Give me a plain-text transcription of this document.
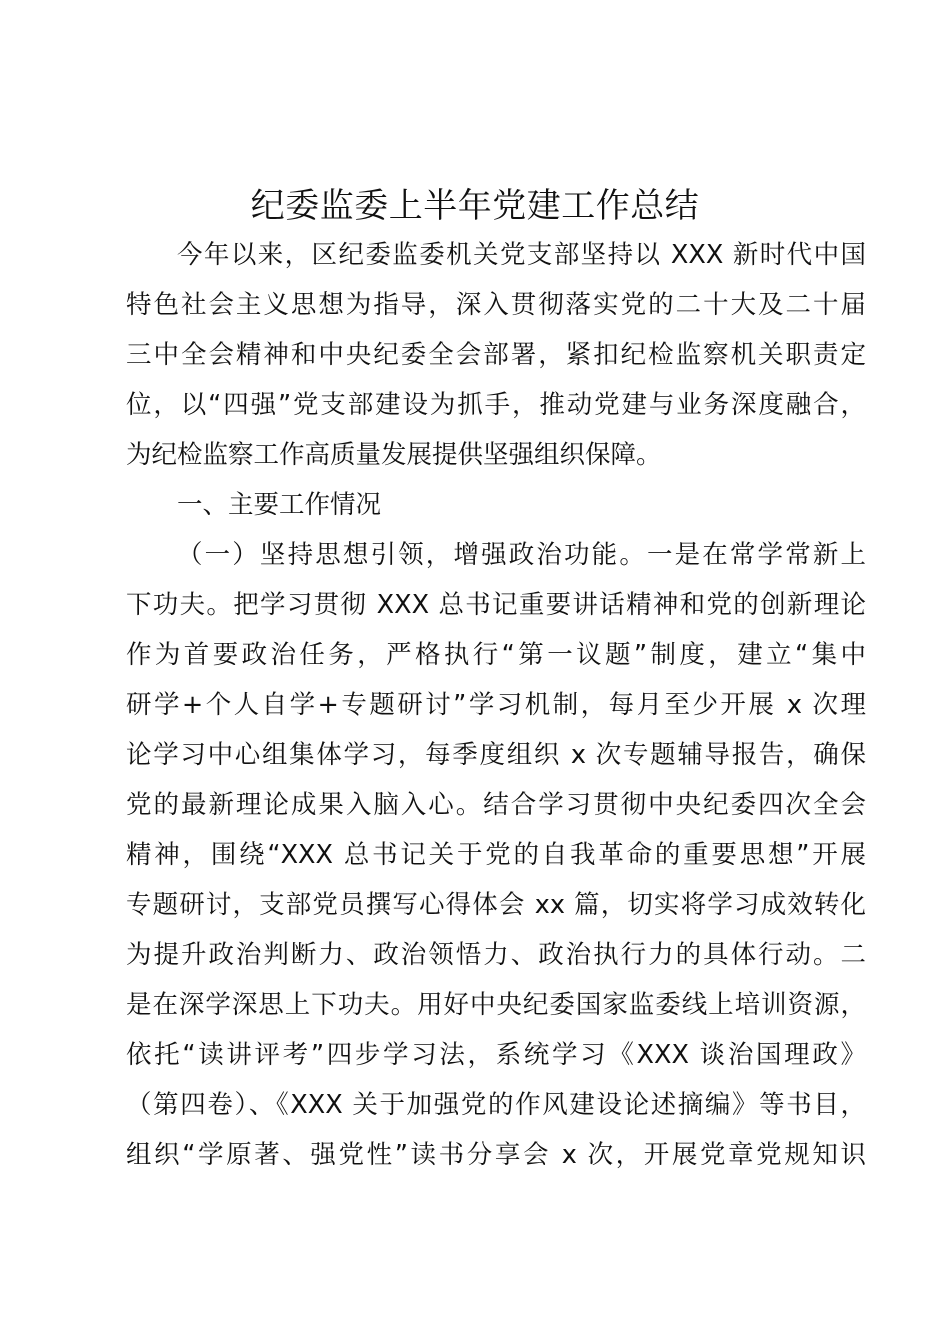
纪委监委上半年党建工作总结
今年以来，区纪委监委机关党支部坚持以 XXX 新时代中国
特色社会主义思想为指导，深入贯彻落实党的二十大及二十届
三中全会精神和中央纪委全会部署，紧扣纪检监察机关职责定
位，以“四强”党支部建设为抓手，推动党建与业务深度融合，
为纪检监察工作高质量发展提供坚强组织保障。
一、主要工作情况
（一）坚持思想引领，增强政治功能。一是在常学常新上
下功夫。把学习贯彻 XXX 总书记重要讲话精神和党的创新理论
作为首要政治任务，严格执行“第一议题”制度，建立“集中
研学+个人自学+专题研讨”学习机制，每月至少开展 x 次理
论学习中心组集体学习，每季度组织 x 次专题辅导报告，确保
党的最新理论成果入脑入心。结合学习贯彻中央纪委四次全会
精神，围绕“XXX 总书记关于党的自我革命的重要思想”开展
专题研讨，支部党员撰写心得体会 xx 篇，切实将学习成效转化
为提升政治判断力、政治领悟力、政治执行力的具体行动。二
是在深学深思上下功夫。用好中央纪委国家监委线上培训资源，
依托“读讲评考”四步学习法，系统学习《XXX 谈治国理政》
（第四卷）、《XXX 关于加强党的作风建设论述摘编》等书目，
组织“学原著、强党性”读书分享会 x 次，开展党章党规知识
